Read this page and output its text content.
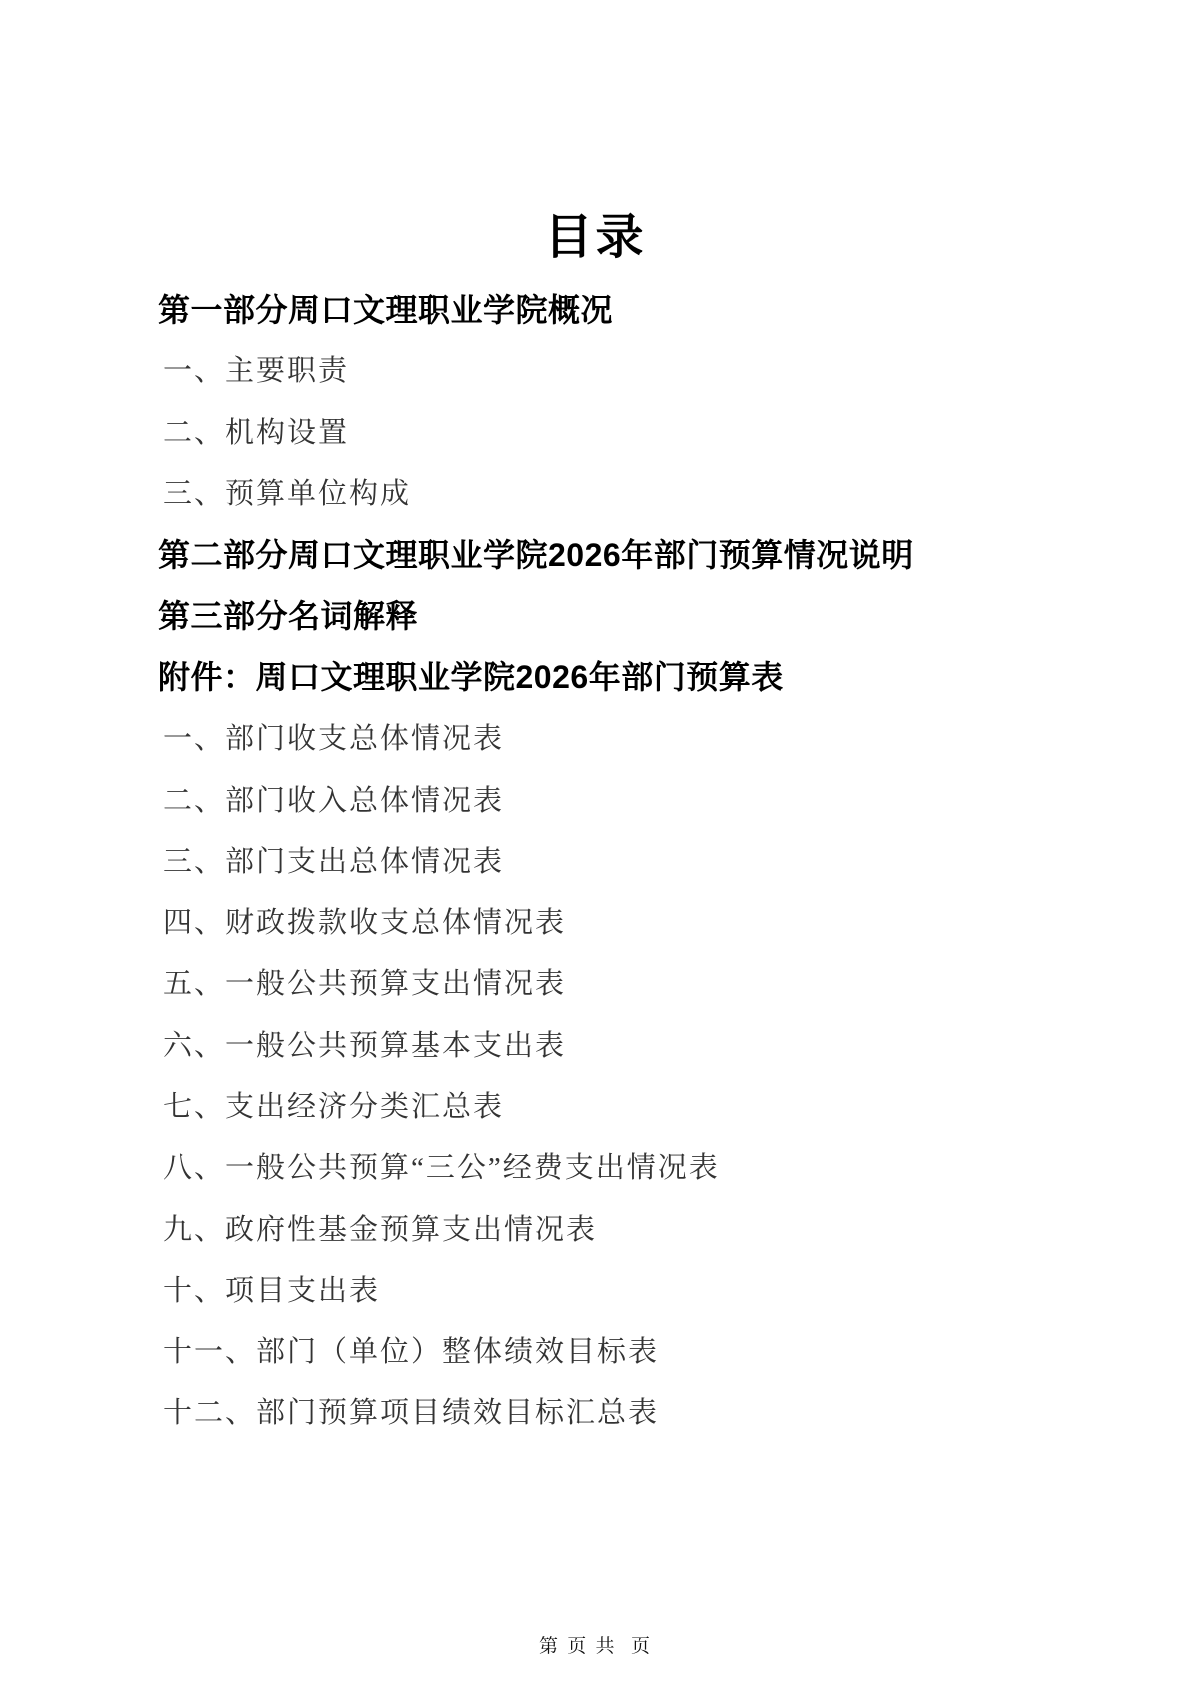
目录
第一部分周口文理职业学院概况
一、主要职责
二、机构设置
三、预算单位构成
第二部分周口文理职业学院2026年部门预算情况说明
第三部分名词解释
附件：周口文理职业学院2026年部门预算表
一、部门收支总体情况表
二、部门收入总体情况表
三、部门支出总体情况表
四、财政拨款收支总体情况表
五、一般公共预算支出情况表
六、一般公共预算基本支出表
七、支出经济分类汇总表
八、一般公共预算“三公”经费支出情况表
九、政府性基金预算支出情况表
十、项目支出表
十一、部门（单位）整体绩效目标表
十二、部门预算项目绩效目标汇总表
第 页 共  页
